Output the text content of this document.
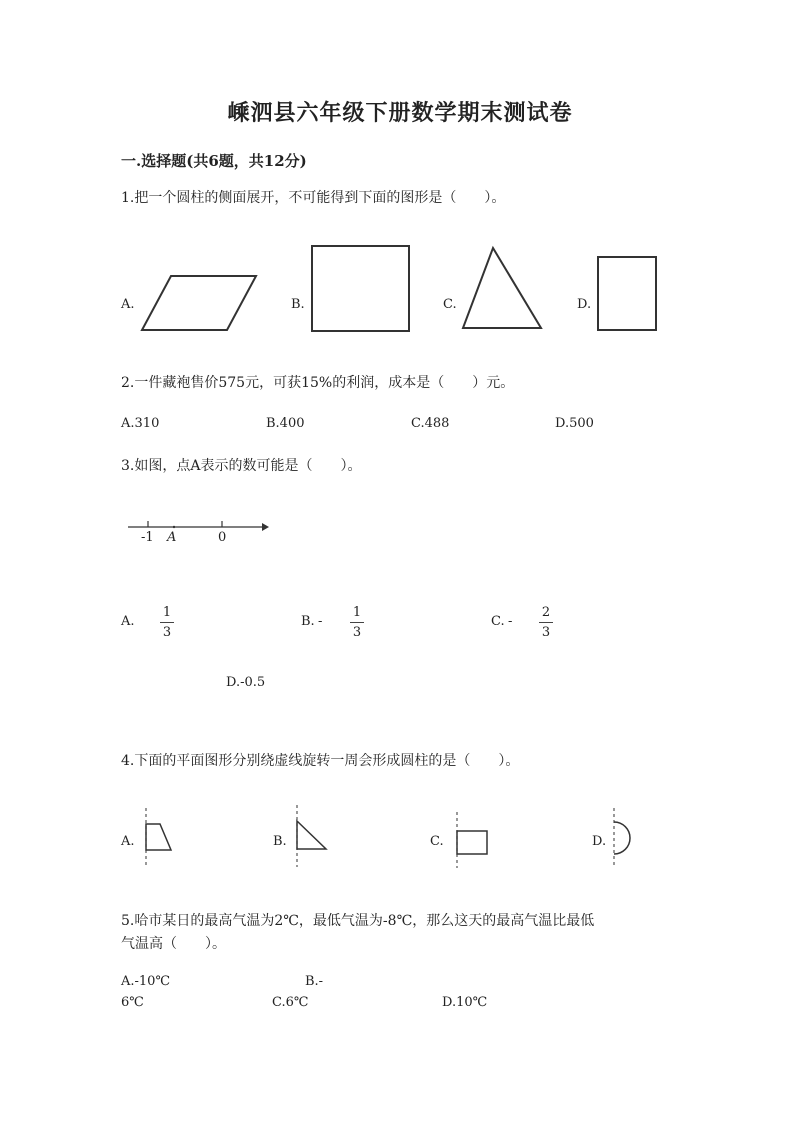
嵊泗县六年级下册数学期末测试卷
一.选择题(共6题，共12分)
1.把一个圆柱的侧面展开，不可能得到下面的图形是（　　）。
A.	B.	C.	D.
2.一件藏袍售价575元，可获15%的利润，成本是（　　）元。
A.310	B.400	C.488	D.500
3.如图，点A表示的数可能是（　　）。
-1 A	0
A.
1
3
B. -
1
3
C. -
2
3
D.-0.5
4.下面的平面图形分别绕虚线旋转一周会形成圆柱的是（　　）。
A.	B.	C.	D.
5.哈市某日的最高气温为2℃，最低气温为-8℃，那么这天的最高气温比最低
气温高（　　）。
A.-10℃	B.-
6℃	C.6℃	D.10℃
